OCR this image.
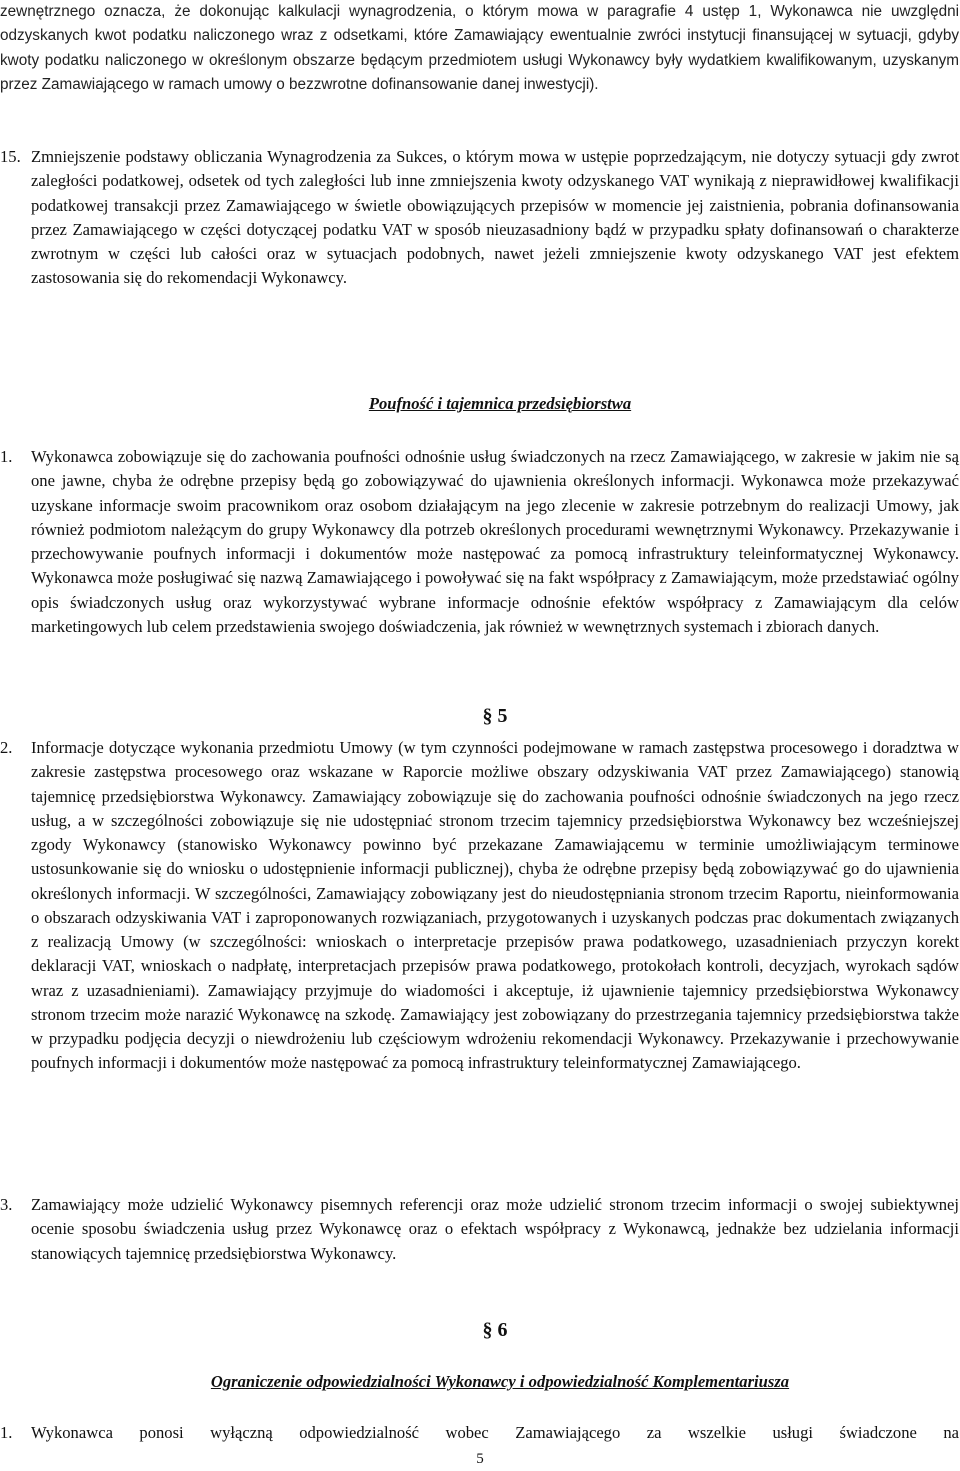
zewnętrznego oznacza, że dokonując kalkulacji wynagrodzenia, o którym mowa w paragrafie 4 ustęp 1, Wykonawca nie uwzględni odzyskanych kwot podatku naliczonego wraz z odsetkami, które Zamawiający ewentualnie zwróci instytucji finansującej w sytuacji, gdyby kwoty podatku naliczonego w określonym obszarze będącym przedmiotem usługi Wykonawcy były wydatkiem kwalifikowanym, uzyskanym przez Zamawiającego w ramach umowy o bezzwrotne dofinansowanie danej inwestycji).

15. Zmniejszenie podstawy obliczania Wynagrodzenia za Sukces, o którym mowa w ustępie poprzedzającym, nie dotyczy sytuacji gdy zwrot zaległości podatkowej, odsetek od tych zaległości lub inne zmniejszenia kwoty odzyskanego VAT wynikają z nieprawidłowej kwalifikacji podatkowej transakcji przez Zamawiającego w świetle obowiązujących przepisów w momencie jej zaistnienia, pobrania dofinansowania przez Zamawiającego w części dotyczącej podatku VAT w sposób nieuzasadniony bądź w przypadku spłaty dofinansowań o charakterze zwrotnym w części lub całości oraz w sytuacjach podobnych, nawet jeżeli zmniejszenie kwoty odzyskanego VAT jest efektem zastosowania się do rekomendacji Wykonawcy.

§ 5
Poufność i tajemnica przedsiębiorstwa
1. Wykonawca zobowiązuje się do zachowania poufności odnośnie usług świadczonych na rzecz Zamawiającego, w zakresie w jakim nie są one jawne, chyba że odrębne przepisy będą go zobowiązywać do ujawnienia określonych informacji. Wykonawca może przekazywać uzyskane informacje swoim pracownikom oraz osobom działającym na jego zlecenie w zakresie potrzebnym do realizacji Umowy, jak również podmiotom należącym do grupy Wykonawcy dla potrzeb określonych procedurami wewnętrznymi Wykonawcy. Przekazywanie i przechowywanie poufnych informacji i dokumentów może następować za pomocą infrastruktury teleinformatycznej Wykonawcy. Wykonawca może posługiwać się nazwą Zamawiającego i powoływać się na fakt współpracy z Zamawiającym, może przedstawiać ogólny opis świadczonych usług oraz wykorzystywać wybrane informacje odnośnie efektów współpracy z Zamawiającym dla celów marketingowych lub celem przedstawienia swojego doświadczenia, jak również w wewnętrznych systemach i zbiorach danych.

2. Informacje dotyczące wykonania przedmiotu Umowy (w tym czynności podejmowane w ramach zastępstwa procesowego i doradztwa w zakresie zastępstwa procesowego oraz wskazane w Raporcie możliwe obszary odzyskiwania VAT przez Zamawiającego) stanowią tajemnicę przedsiębiorstwa Wykonawcy. Zamawiający zobowiązuje się do zachowania poufności odnośnie świadczonych na jego rzecz usług, a w szczególności zobowiązuje się nie udostępniać stronom trzecim tajemnicy przedsiębiorstwa Wykonawcy bez wcześniejszej zgody Wykonawcy (stanowisko Wykonawcy powinno być przekazane Zamawiającemu w terminie umożliwiającym terminowe ustosunkowanie się do wniosku o udostępnienie informacji publicznej), chyba że odrębne przepisy będą zobowiązywać go do ujawnienia określonych informacji. W szczególności, Zamawiający zobowiązany jest do nieudostępniania stronom trzecim Raportu, nieinformowania o obszarach odzyskiwania VAT i zaproponowanych rozwiązaniach, przygotowanych i uzyskanych podczas prac dokumentach związanych z realizacją Umowy (w szczególności: wnioskach o interpretacje przepisów prawa podatkowego, uzasadnieniach przyczyn korekt deklaracji VAT, wnioskach o nadpłatę, interpretacjach przepisów prawa podatkowego, protokołach kontroli, decyzjach, wyrokach sądów wraz z uzasadnieniami). Zamawiający przyjmuje do wiadomości i akceptuje, iż ujawnienie tajemnicy przedsiębiorstwa Wykonawcy stronom trzecim może narazić Wykonawcę na szkodę. Zamawiający jest zobowiązany do przestrzegania tajemnicy przedsiębiorstwa także w przypadku podjęcia decyzji o niewdrożeniu lub częściowym wdrożeniu rekomendacji Wykonawcy. Przekazywanie i przechowywanie poufnych informacji i dokumentów może następować za pomocą infrastruktury teleinformatycznej Zamawiającego.

3. Zamawiający może udzielić Wykonawcy pisemnych referencji oraz może udzielić stronom trzecim informacji o swojej subiektywnej ocenie sposobu świadczenia usług przez Wykonawcę oraz o efektach współpracy z Wykonawcą, jednakże bez udzielania informacji stanowiących tajemnicę przedsiębiorstwa Wykonawcy.

§ 6
Ograniczenie odpowiedzialności Wykonawcy i odpowiedzialność Komplementariusza
1. Wykonawca ponosi wyłączną odpowiedzialność wobec Zamawiającego za wszelkie usługi świadczone na

5
